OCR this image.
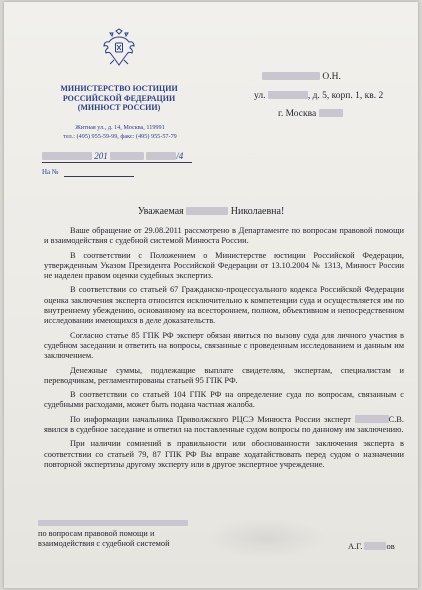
МИНИСТЕРСТВО ЮСТИЦИИ
РОССИЙСКОЙ ФЕДЕРАЦИИ
(МИНЮСТ РОССИИ)
Житная ул., д. 14, Москва, 119991
тел.: (495) 955-59-99, факс: (495) 955-57-79
201	/4
На №
О.Н.
ул.	, д. 5, корп. 1, кв. 2
г. Москва
Уважаемая	Николаевна!

Ваше обращение от 29.08.2011 рассмотрено в Департаменте по вопросам правовой помощи и взаимодействия с судебной системой Минюста России.

В соответствии с Положением о Министерстве юстиции Российской Федерации, утвержденным Указом Президента Российской Федерации от 13.10.2004 № 1313, Минюст России не наделен правом оценки судебных экспертиз.

В соответствии со статьей 67 Гражданско-процессуального кодекса Российской Федерации оценка заключения эксперта относится исключительно к компетенции суда и осуществляется им по внутреннему убеждению, основанному на всестороннем, полном, объективном и непосредственном исследовании имеющихся в деле доказательств.

Согласно статье 85 ГПК РФ эксперт обязан явиться по вызову суда для личного участия в судебном заседании и ответить на вопросы, связанные с проведенным исследованием и данным им заключением.

Денежные суммы, подлежащие выплате свидетелям, экспертам, специалистам и переводчикам, регламентированы статьей 95 ГПК РФ.

В соответствии со статьей 104 ГПК РФ на определение суда по вопросам, связанным с судебными расходами, может быть подана частная жалоба.

По информации начальника Приволжского РЦСЭ Минюста России эксперт	С.В. явился в судебное заседание и ответил на поставленные судом вопросы по данному им заключению.

При наличии сомнений в правильности или обоснованности заключения эксперта в соответствии со статьей 79, 87 ГПК РФ Вы вправе ходатайствовать перед судом о назначении повторной экспертизы другому эксперту или в другое экспертное учреждение.

по вопросам правовой помощи и
взаимодействия с судебной системой	А.Г.	ов
